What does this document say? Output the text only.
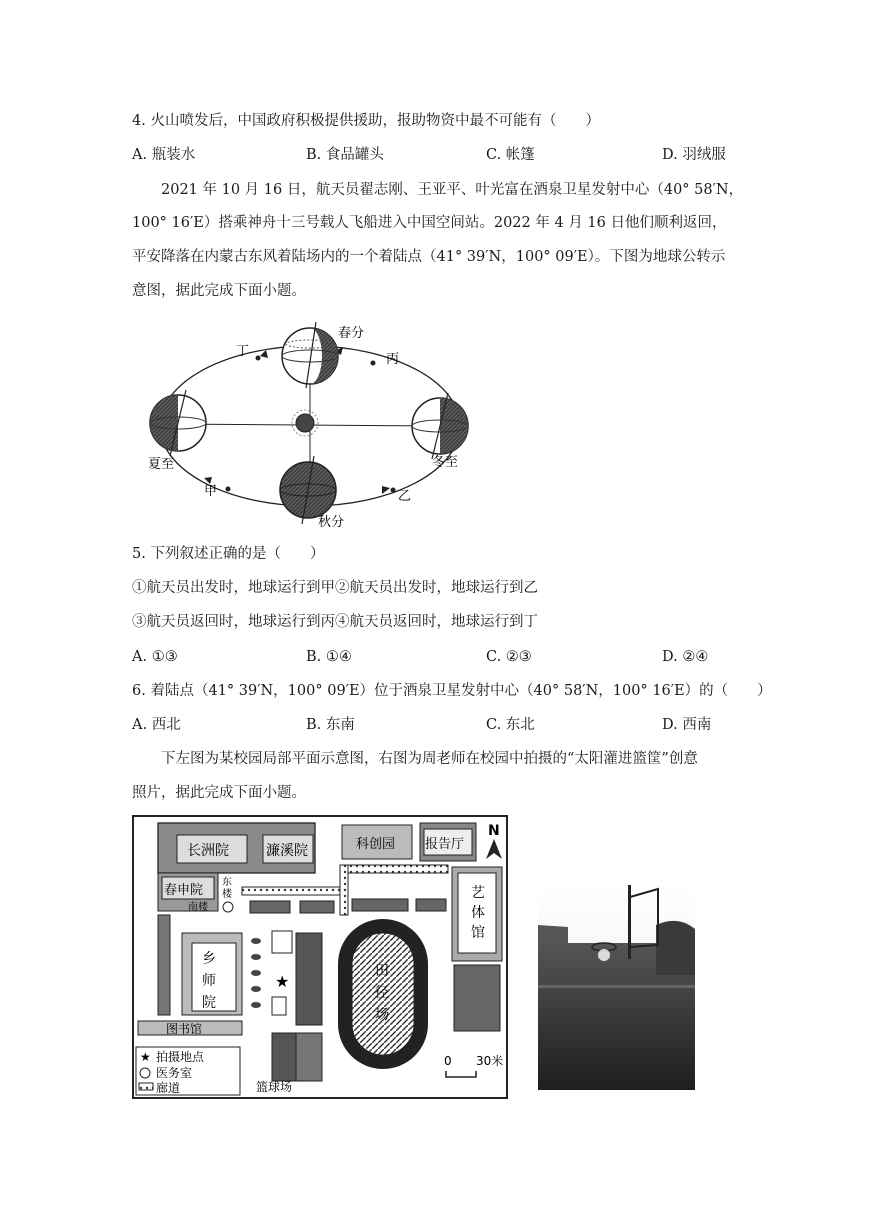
4. 火山喷发后，中国政府积极提供援助，报助物资中最不可能有（　　）
A. 瓶装水	B. 食品罐头	C. 帐篷	D. 羽绒服
2021 年 10 月 16 日，航天员翟志刚、王亚平、叶光富在酒泉卫星发射中心（40° 58′N，
100° 16′E）搭乘神舟十三号载人飞船进入中国空间站。2022 年 4 月 16 日他们顺利返回，
平安降落在内蒙古东风着陆场内的一个着陆点（41° 39′N，100° 09′E）。下图为地球公转示
意图，据此完成下面小题。
春分
丁
丙
夏至	冬至
甲	乙
秋分
5. 下列叙述正确的是（　　）
①航天员出发时，地球运行到甲②航天员出发时，地球运行到乙
③航天员返回时，地球运行到丙④航天员返回时，地球运行到丁
A. ①③	B. ①④	C. ②③	D. ②④
6. 着陆点（41° 39′N，100° 09′E）位于酒泉卫星发射中心（40° 58′N，100° 16′E）的（　　）
A. 西北	B. 东南	C. 东北	D. 西南
下左图为某校园局部平面示意图，右图为周老师在校园中拍摄的“太阳灌进篮筐”创意
照片，据此完成下面小题。
长洲院	濂溪院	科创园 报告厅
N
春申院
东
楼
南楼
艺
体
馆
乡
师
院
图书馆
★
篮球场
田
径
场
★ 拍摄地点
医务室
廊道
0 30米
